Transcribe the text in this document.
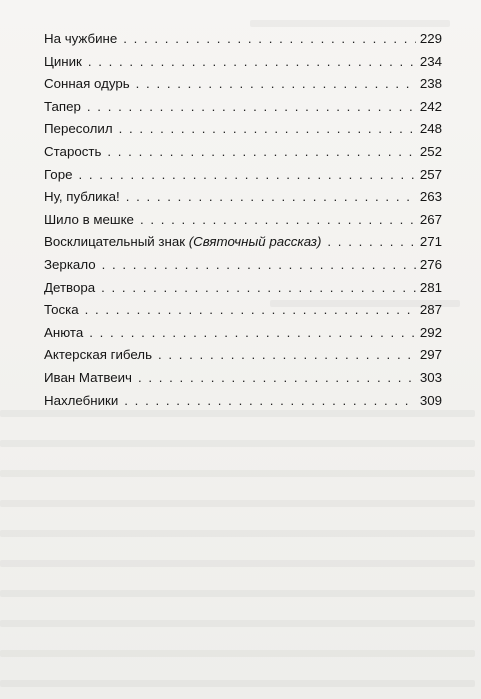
На чужбине . . .	229
Циник . . .	234
Сонная одурь . . .	238
Тапер . . .	242
Пересолил . . .	248
Старость . . .	252
Горе . . .	257
Ну, публика! . . .	263
Шило в мешке . . .	267
Восклицательный знак (Святочный рассказ) . . .	271
Зеркало . . .	276
Детвора . . .	281
Тоска . . .	287
Анюта . . .	292
Актерская гибель . . .	297
Иван Матвеич . . .	303
Нахлебники . . .	309
